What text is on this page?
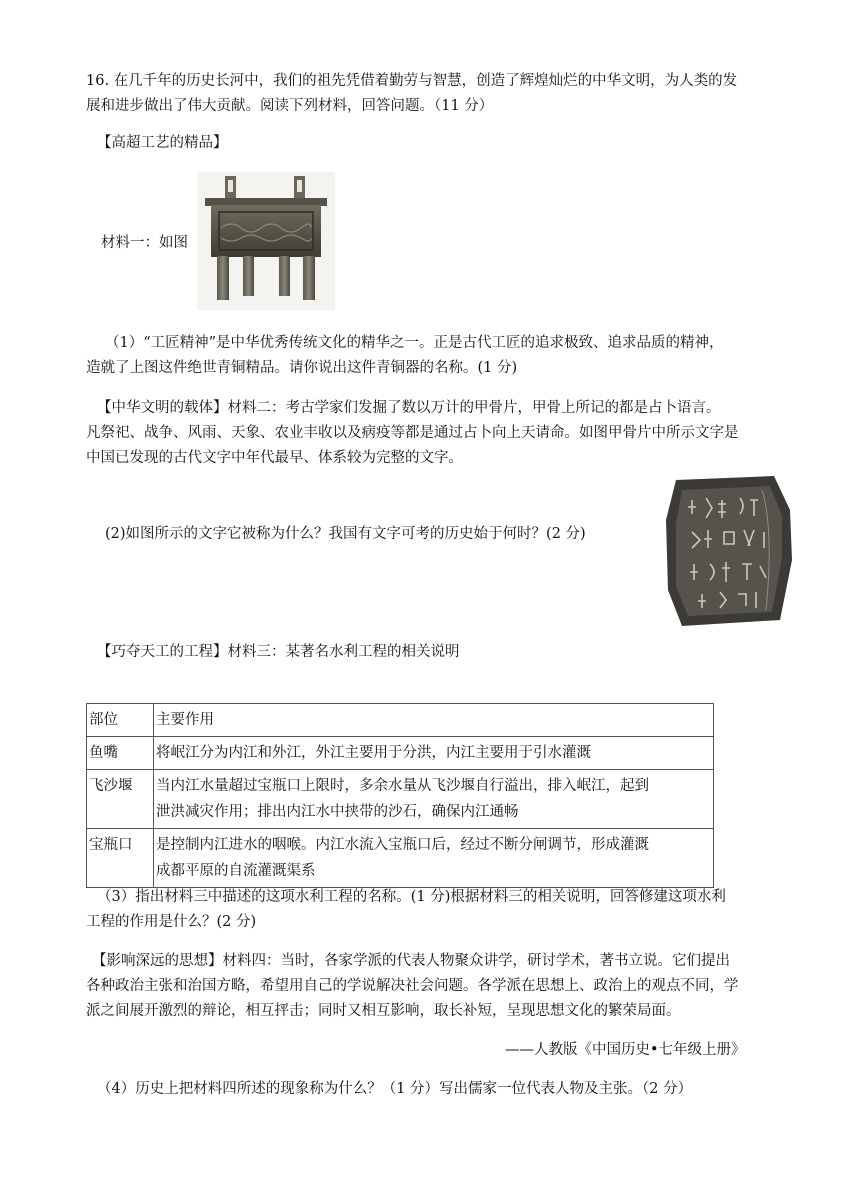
16. 在几千年的历史长河中，我们的祖先凭借着勤劳与智慧，创造了辉煌灿烂的中华文明，为人类的发

展和进步做出了伟大贡献。阅读下列材料，回答问题。（11 分）

【高超工艺的精品】

材料一：如图

（1）“工匠精神”是中华优秀传统文化的精华之一。正是古代工匠的追求极致、追求品质的精神，

造就了上图这件绝世青铜精品。请你说出这件青铜器的名称。(1 分)

【中华文明的载体】材料二：考古学家们发掘了数以万计的甲骨片，甲骨上所记的都是占卜语言。

凡祭祀、战争、风雨、天象、农业丰收以及病疫等都是通过占卜向上天请命。如图甲骨片中所示文字是

中国已发现的古代文字中年代最早、体系较为完整的文字。

(2)如图所示的文字它被称为什么？我国有文字可考的历史始于何时？(2 分)

【巧夺天工的工程】材料三：某著名水利工程的相关说明

部位	主要作用
鱼嘴	将岷江分为内江和外江，外江主要用于分洪，内江主要用于引水灌溉

飞沙堰	当内江水量超过宝瓶口上限时，多余水量从飞沙堰自行溢出，排入岷江，起到
泄洪减灾作用；排出内江水中挟带的沙石，确保内江通畅

宝瓶口	是控制内江进水的咽喉。内江水流入宝瓶口后，经过不断分闸调节，形成灌溉
成都平原的自流灌溉渠系

（3）指出材料三中描述的这项水利工程的名称。(1 分)根据材料三的相关说明，回答修建这项水利

工程的作用是什么？(2 分)

【影响深远的思想】材料四：当时，各家学派的代表人物聚众讲学，研讨学术，著书立说。它们提出

各种政治主张和治国方略，希望用自己的学说解决社会问题。各学派在思想上、政治上的观点不同，学

派之间展开激烈的辩论，相互抨击；同时又相互影响，取长补短，呈现思想文化的繁荣局面。

——人教版《中国历史•七年级上册》

（4）历史上把材料四所述的现象称为什么？（1 分）写出儒家一位代表人物及主张。（2 分）
